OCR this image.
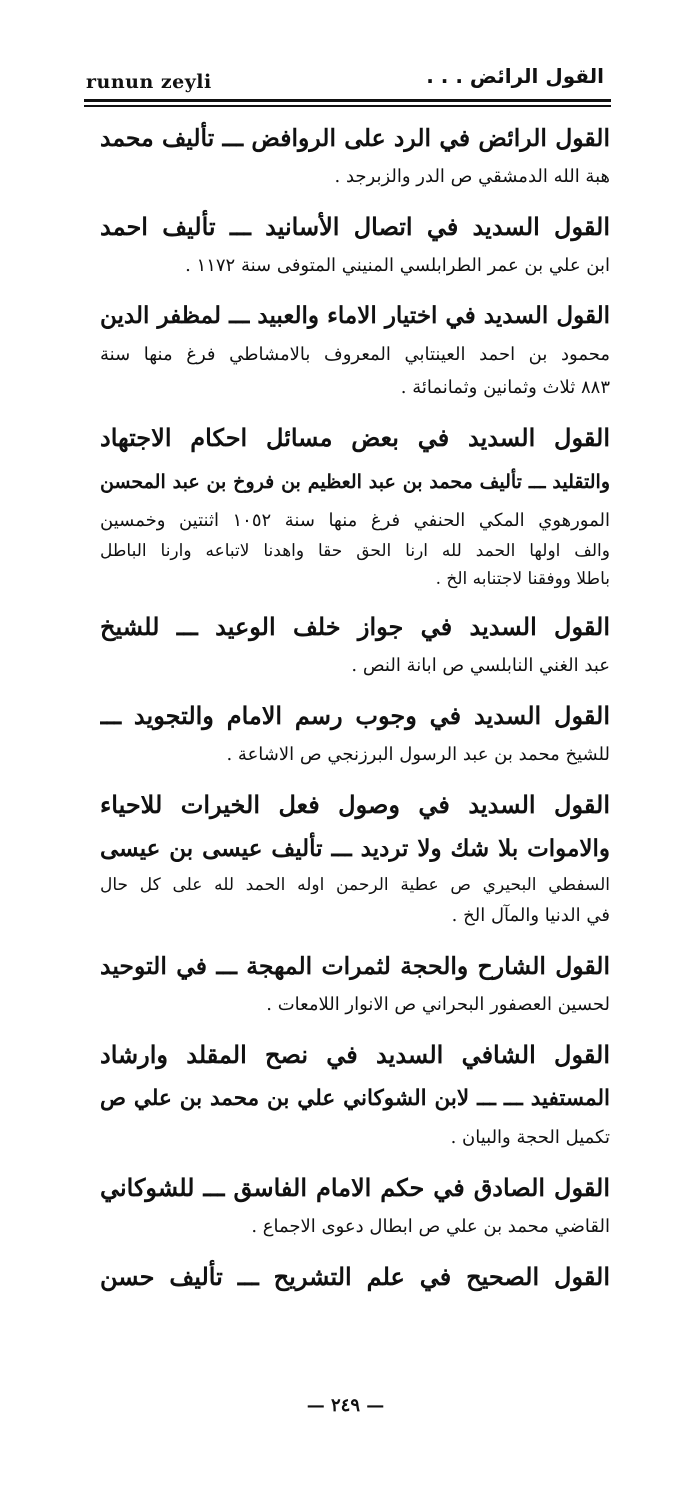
runun zeyli	القول الرائض . . .
القول الرائض في الرد على الروافض ـــ تأليف محمد
هبة الله الدمشقي ص الدر والزبرجد .
القول السديد في اتصال الأسانيد ـــ تأليف احمد
ابن علي بن عمر الطرابلسي المنيني المتوفى سنة ١١٧٢ .
القول السديد في اختيار الاماء والعبيد ـــ لمظفر الدين
محمود بن احمد العينتابي المعروف بالامشاطي فرغ منها سنة
٨٨٣ ثلاث وثمانين وثمانمائة .
القول السديد في بعض مسائل احكام الاجتهاد
والتقليد ـــ تأليف محمد بن عبد العظيم بن فروخ بن عبد المحسن
المورهوي المكي الحنفي فرغ منها سنة ١٠٥٢ اثنتين وخمسين
والف اولها الحمد لله ارنا الحق حقا واهدنا لاتباعه وارنا الباطل
باطلا ووفقنا لاجتنابه الخ .
القول السديد في جواز خلف الوعيد ـــ للشيخ
عبد الغني النابلسي ص ابانة النص .
القول السديد في وجوب رسم الامام والتجويد ـــ
للشيخ محمد بن عبد الرسول البرزنجي ص الاشاعة .
القول السديد في وصول فعل الخيرات للاحياء
والاموات بلا شك ولا ترديد ـــ تأليف عيسى بن عيسى
السفطي البحيري ص عطية الرحمن اوله الحمد لله على كل حال
في الدنيا والمآل الخ .
القول الشارح والحجة لثمرات المهجة ـــ في التوحيد
لحسين العصفور البحراني ص الانوار اللامعات .
القول الشافي السديد في نصح المقلد وارشاد
المستفيد ـــ ـــ لابن الشوكاني علي بن محمد بن علي ص
تكميل الحجة والبيان .
القول الصادق في حكم الامام الفاسق ـــ للشوكاني
القاضي محمد بن علي ص ابطال دعوى الاجماع .
القول الصحيح في علم التشريح ـــ تأليف حسن
— ٢٤٩ —
